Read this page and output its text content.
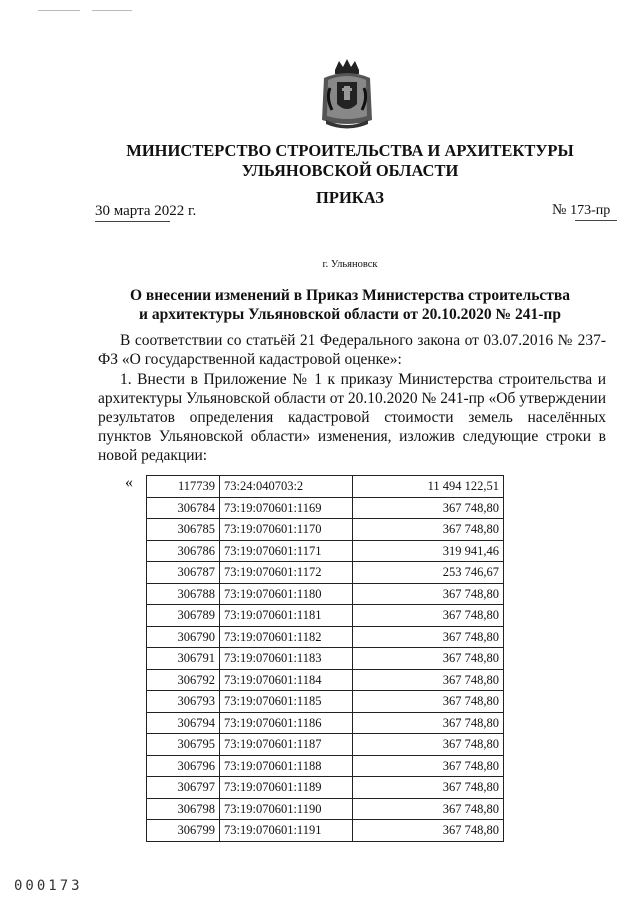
МИНИСТЕРСТВО СТРОИТЕЛЬСТВА И АРХИТЕКТУРЫ
УЛЬЯНОВСКОЙ ОБЛАСТИ
ПРИКАЗ
30 марта 2022 г.	№ 173-пр
г. Ульяновск
О внесении изменений в Приказ Министерства строительства
и архитектуры Ульяновской области от 20.10.2020 № 241-пр
В соответствии со статьёй 21 Федерального закона от 03.07.2016 № 237-ФЗ «О государственной кадастровой оценке»:
1. Внести в Приложение № 1 к приказу Министерства строительства и архитектуры Ульяновской области от 20.10.2020 № 241-пр «Об утверждении результатов определения кадастровой стоимости земель населённых пунктов Ульяновской области» изменения, изложив следующие строки в новой редакции:
«	117739	73:24:040703:2	11 494 122,51
306784	73:19:070601:1169	367 748,80
306785	73:19:070601:1170	367 748,80
306786	73:19:070601:1171	319 941,46
306787	73:19:070601:1172	253 746,67
306788	73:19:070601:1180	367 748,80
306789	73:19:070601:1181	367 748,80
306790	73:19:070601:1182	367 748,80
306791	73:19:070601:1183	367 748,80
306792	73:19:070601:1184	367 748,80
306793	73:19:070601:1185	367 748,80
306794	73:19:070601:1186	367 748,80
306795	73:19:070601:1187	367 748,80
306796	73:19:070601:1188	367 748,80
306797	73:19:070601:1189	367 748,80
306798	73:19:070601:1190	367 748,80
306799	73:19:070601:1191	367 748,80
000173
